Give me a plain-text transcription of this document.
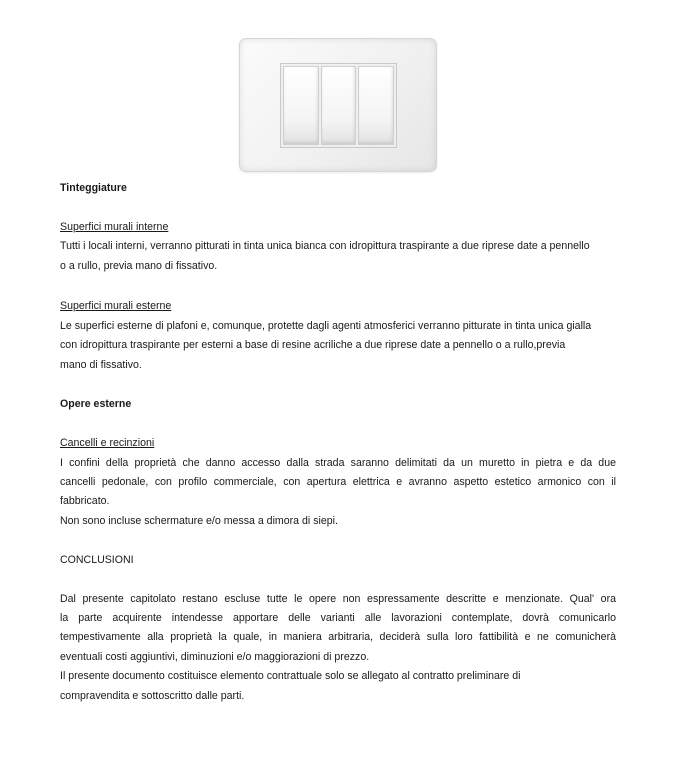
Tinteggiature
Superfici murali interne
Tutti i locali interni, verranno pitturati in tinta unica bianca con idropittura traspirante a due riprese date a pennello
o a rullo, previa mano di fissativo.
Superfici murali esterne
Le superfici esterne di plafoni e, comunque, protette dagli agenti atmosferici verranno pitturate in tinta unica gialla
con idropittura traspirante per esterni a base di resine acriliche a due riprese date a pennello o a rullo,previa
mano di fissativo.
Opere esterne
Cancelli e recinzioni
I confini della proprietà che danno accesso dalla strada saranno delimitati da un muretto in pietra e da due
cancelli pedonale, con profilo commerciale, con apertura elettrica e avranno aspetto estetico armonico con il
fabbricato.
Non sono incluse schermature e/o messa a dimora di siepi.
CONCLUSIONI
Dal presente capitolato restano escluse tutte le opere non espressamente descritte e menzionate. Qual' ora
la parte acquirente intendesse apportare delle varianti alle lavorazioni contemplate, dovrà comunicarlo
tempestivamente alla proprietà la quale, in maniera arbitraria, deciderà sulla loro fattibilità e ne comunicherà
eventuali costi aggiuntivi, diminuzioni e/o maggiorazioni di prezzo.
Il presente documento costituisce elemento contrattuale solo se allegato al contratto preliminare di
compravendita e sottoscritto dalle parti.
